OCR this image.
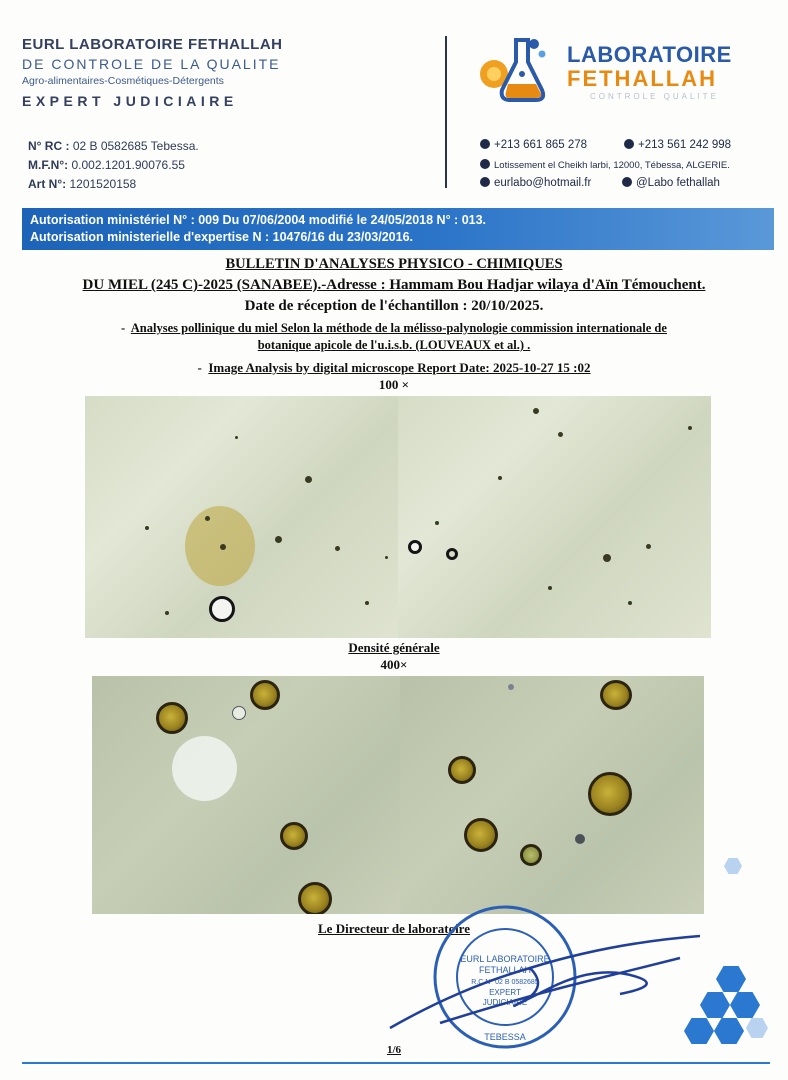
EURL LABORATOIRE FETHALLAH
DE CONTROLE DE LA QUALITE
Agro-alimentaires-Cosmétiques-Détergents
EXPERT JUDICIAIRE
N° RC : 02 B 0582685 Tebessa.
M.F.N°: 0.002.1201.90076.55
Art N°: 1201520158
LABORATOIRE
FETHALLAH
CONTROLE QUALITE
+213 661 865 278	+213 561 242 998
Lotissement el Cheikh larbi, 12000, Tébessa, ALGERIE.
eurlabo@hotmail.fr	@Labo fethallah
Autorisation ministériel N° : 009 Du 07/06/2004 modifié le 24/05/2018 N° : 013.
Autorisation ministerielle d'expertise N : 10476/16 du 23/03/2016.
BULLETIN D'ANALYSES PHYSICO - CHIMIQUES
DU MIEL (245 C)-2025 (SANABEE).-Adresse : Hammam Bou Hadjar wilaya d'Aïn Témouchent.
Date de réception de l'échantillon : 20/10/2025.
-  Analyses pollinique du miel Selon la méthode de la mélisso-palynologie commission internationale de
botanique apicole de l'u.i.s.b. (LOUVEAUX et al.) .
-  Image Analysis by digital microscope Report Date: 2025-10-27 15 :02
100 ×
Densité générale
400×
Le Directeur de laboratoire
EURL LABORATOIRE
FETHALLAH
R.C.N° 02 B 0582685
EXPERT
JUDICIAIRE
TEBESSA
1/6
